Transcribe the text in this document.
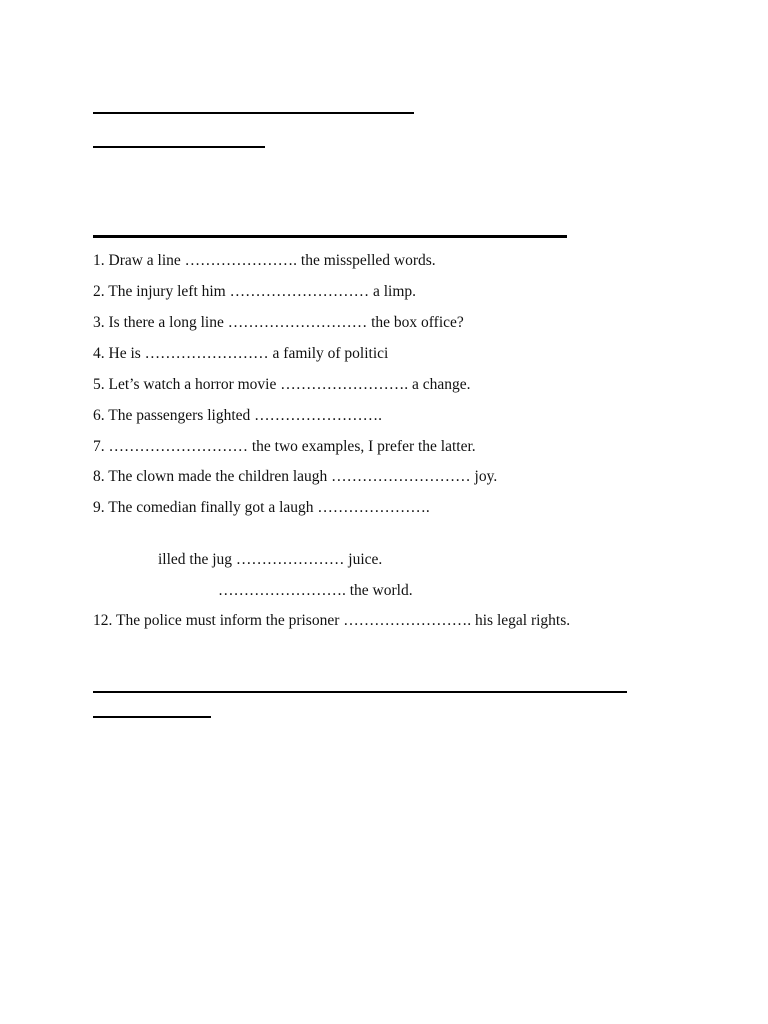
1. Draw a line …………………. the misspelled words.
2. The injury left him ……………………… a limp.
3. Is there a long line ……………………… the box office?
4. He is …………………… a family of politici
5. Let’s watch a horror movie ……………………. a change.
6. The passengers lighted …………………….
7. ……………………… the two examples, I prefer the latter.
8. The clown made the children laugh ……………………… joy.
9. The comedian finally got a laugh ………………….
illed the jug ………………… juice.
……………………. the world.
12. The police must inform the prisoner ……………………. his legal rights.
